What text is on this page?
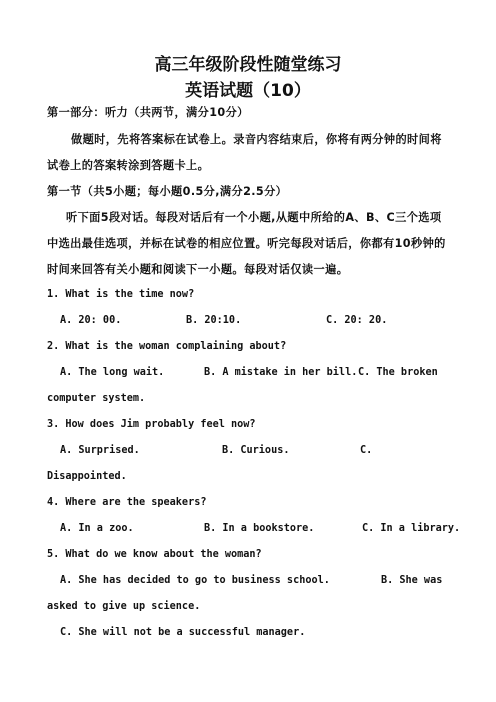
高三年级阶段性随堂练习
英语试题（10）
第一部分：听力（共两节，满分10分）
做题时，先将答案标在试卷上。录音内容结束后，你将有两分钟的时间将
试卷上的答案转涂到答题卡上。
第一节（共5小题；每小题0.5分,满分2.5分）
听下面5段对话。每段对话后有一个小题,从题中所给的A、B、C三个选项
中选出最佳选项，并标在试卷的相应位置。听完每段对话后，你都有10秒钟的
时间来回答有关小题和阅读下一小题。每段对话仅读一遍。
1. What is the time now?
A. 20: 00.	B. 20:10.	C. 20: 20.
2. What is the woman complaining about?
A. The long wait.	B. A mistake in her bill. C. The broken
computer system.
3. How does Jim probably feel now?
A. Surprised.	B. Curious.	C.
Disappointed.
4. Where are the speakers?
A. In a zoo.	B. In a bookstore.	C. In a library.
5. What do we know about the woman?
A. She has decided to go to business school.	B. She was
asked to give up science.
C. She will not be a successful manager.
